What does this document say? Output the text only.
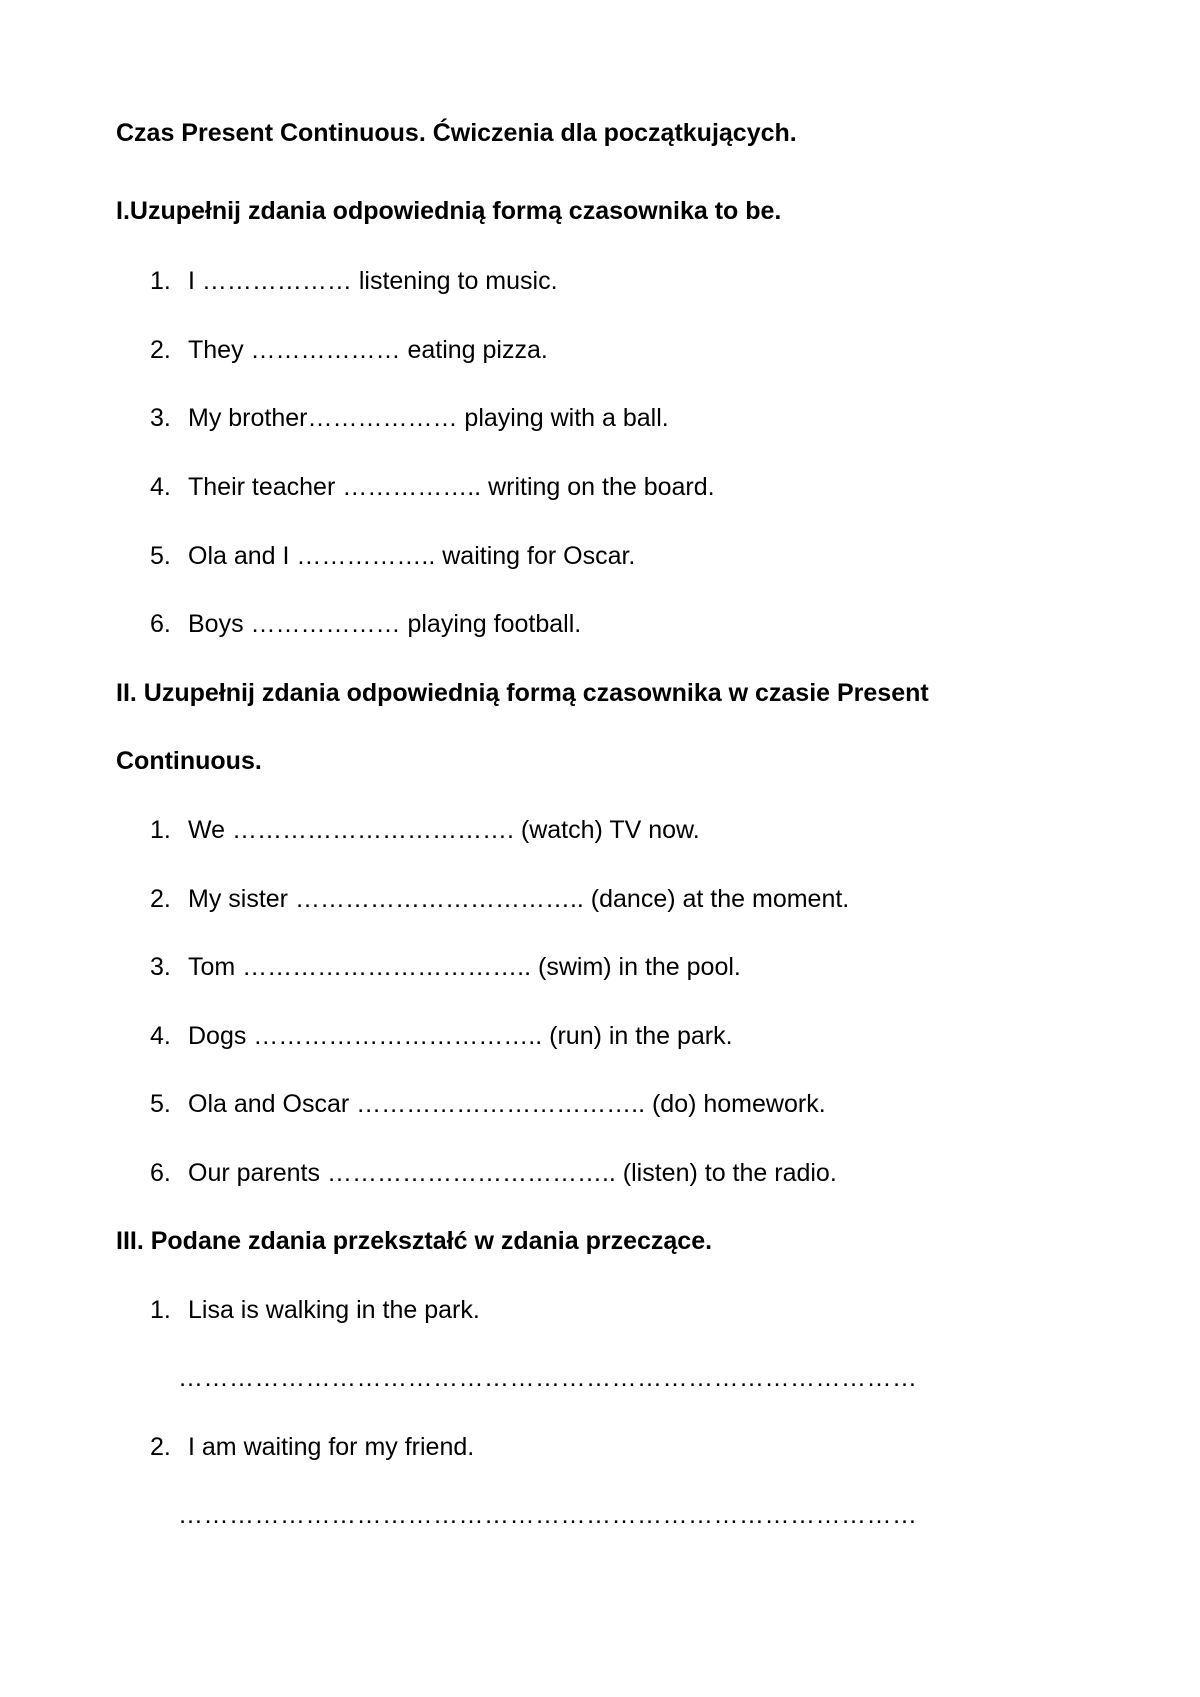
Czas Present Continuous. Ćwiczenia dla początkujących.
I.Uzupełnij zdania odpowiednią formą czasownika to be.
1. I ……………… listening to music.
2. They ……………… eating pizza.
3. My brother……………… playing with a ball.
4. Their teacher …………….. writing on the board.
5. Ola and I …………….. waiting for Oscar.
6. Boys ……………… playing football.
II. Uzupełnij zdania odpowiednią formą czasownika w czasie Present
Continuous.
1. We ……………………………. (watch) TV now.
2. My sister …………………………….. (dance) at the moment.
3. Tom …………………………….. (swim) in the pool.
4. Dogs …………………………….. (run) in the park.
5. Ola and Oscar …………………………….. (do) homework.
6. Our parents …………………………….. (listen) to the radio.
III. Podane zdania przekształć w zdania przeczące.
1. Lisa is walking in the park.
……………………………………………………………………………
2. I am waiting for my friend.
……………………………………………………………………………
